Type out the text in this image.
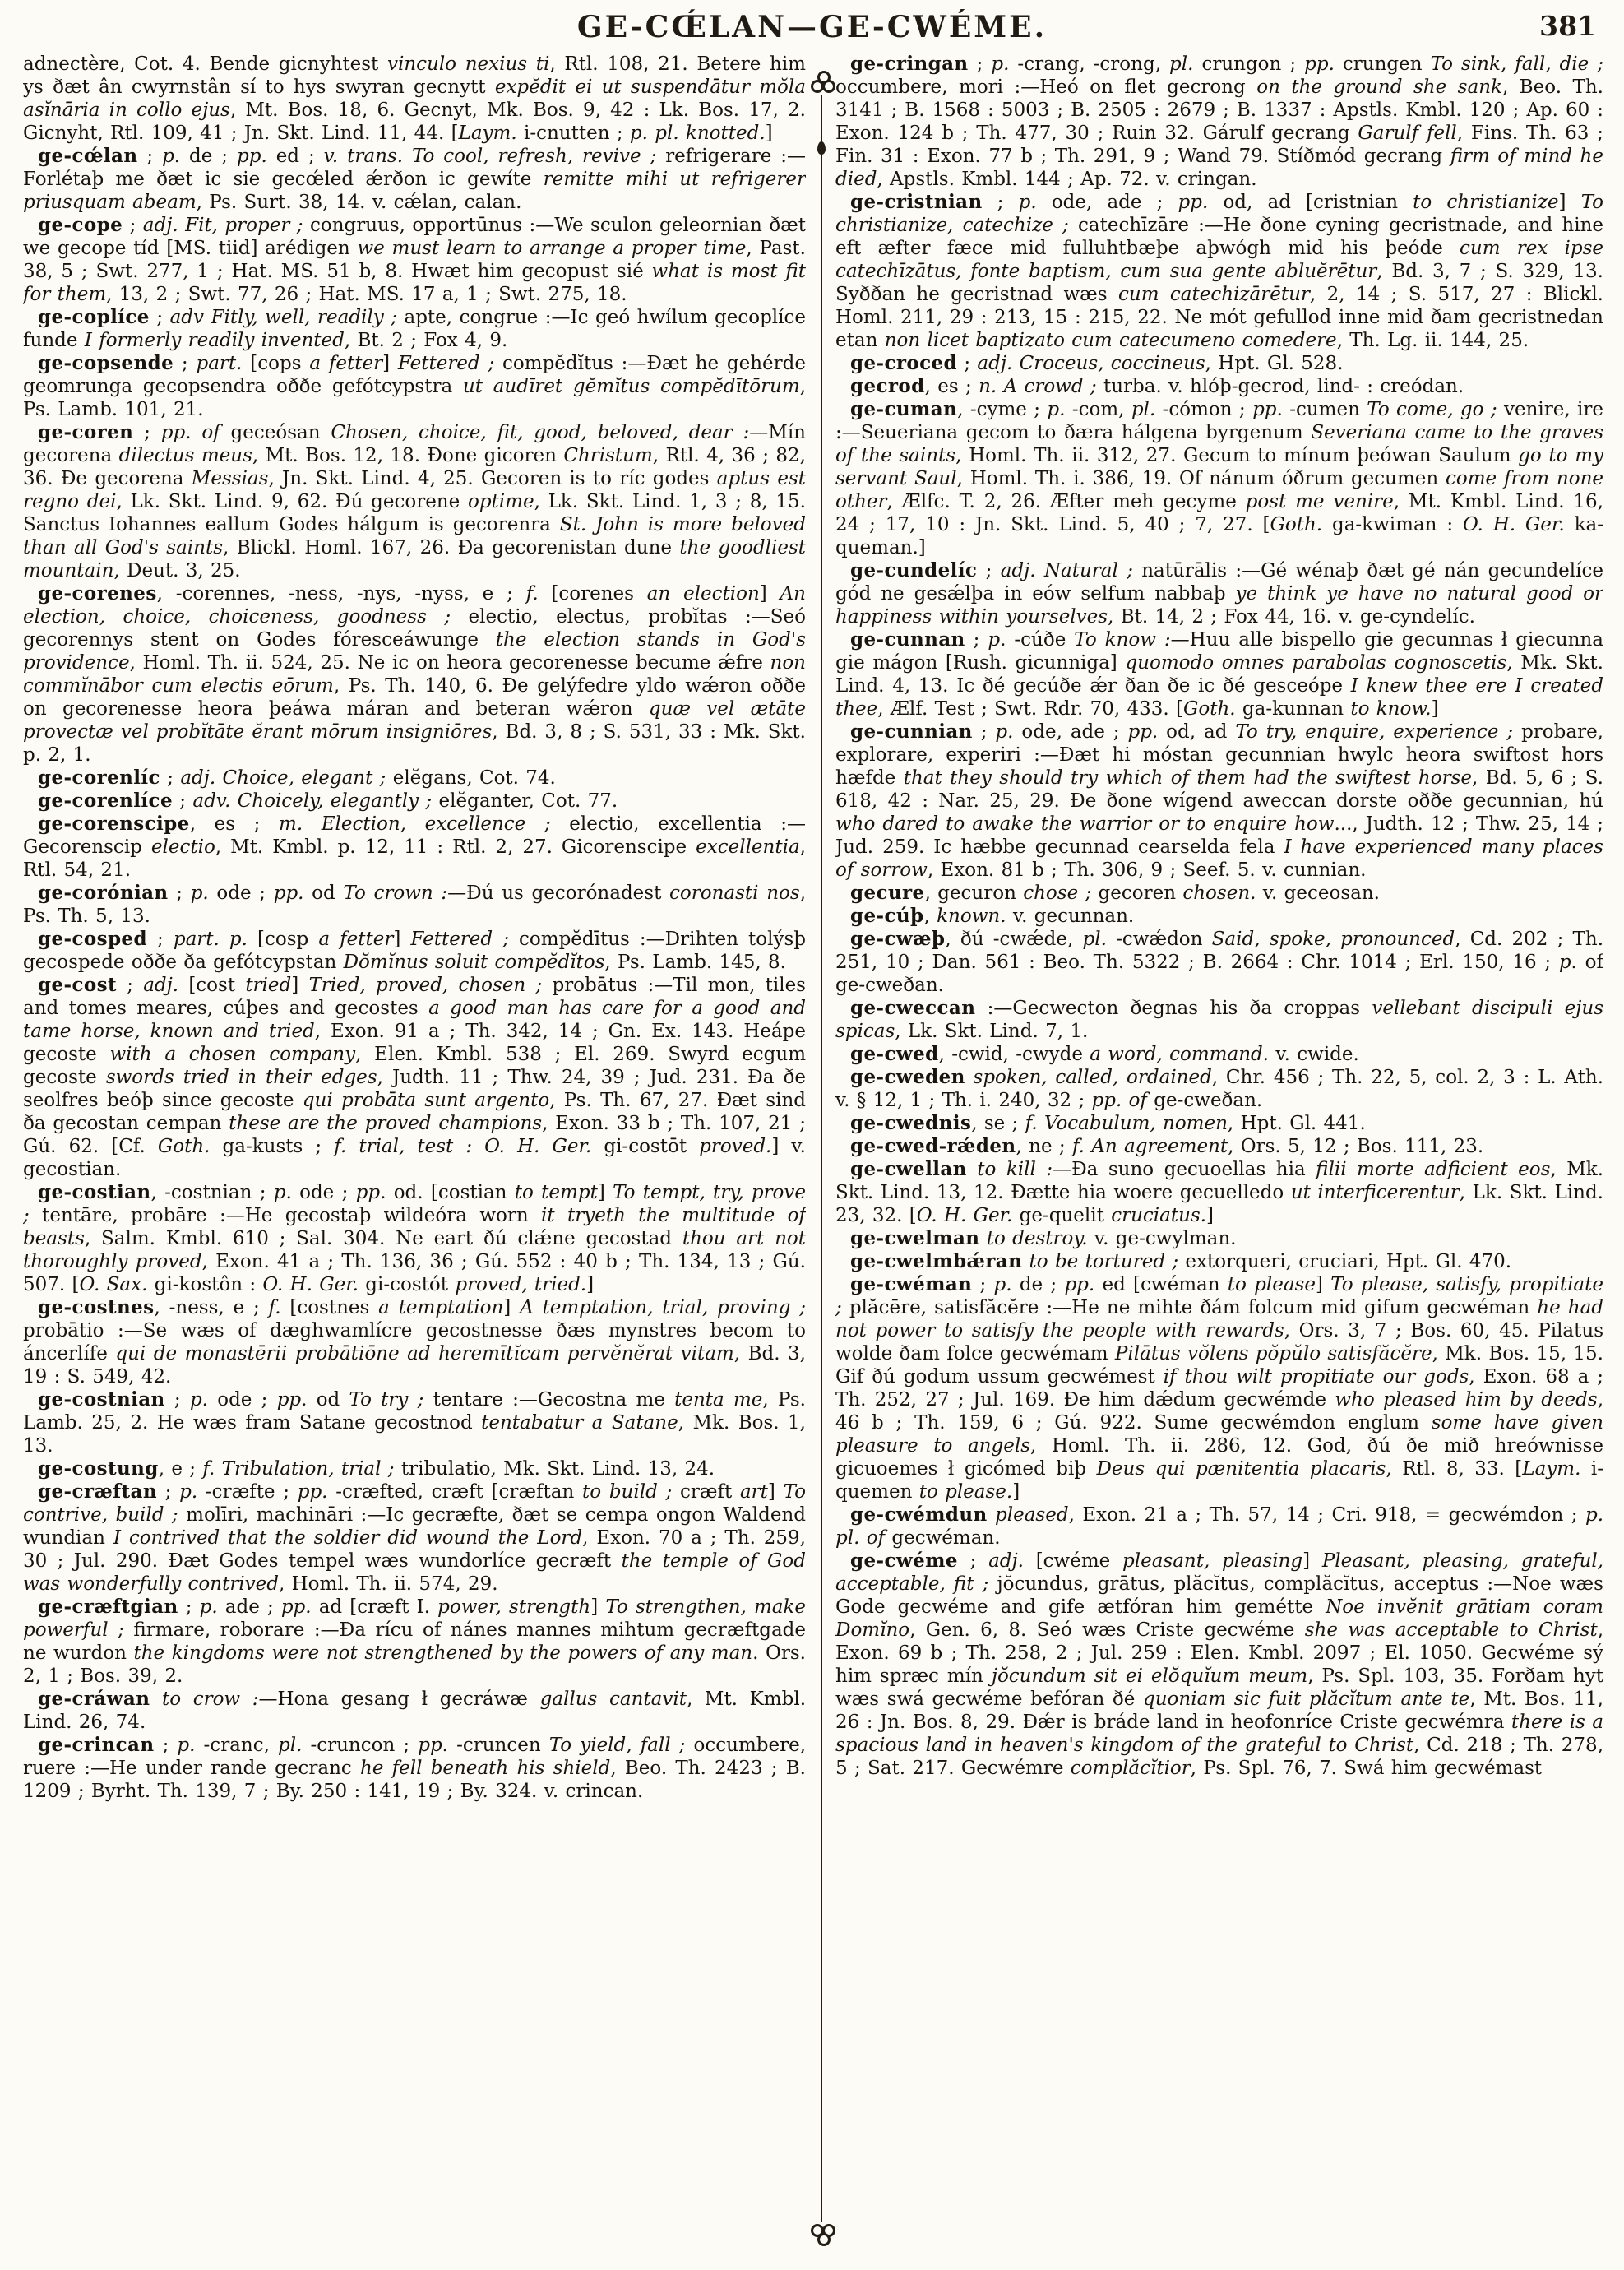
GE-CŒ́LAN—GE-CWÉME.	381

adnectère, Cot. 4. Bende gicnyhtest vinculo nexius ti, Rtl. 108, 21. Betere him ys ðæt ân cwyrnstân sí to hys swyran gecnytt expĕdit ei ut suspendātur mŏla asĭnāria in collo ejus, Mt. Bos. 18, 6. Gecnyt, Mk. Bos. 9, 42 : Lk. Bos. 17, 2. Gicnyht, Rtl. 109, 41 ; Jn. Skt. Lind. 11, 44. [Laym. i-cnutten ; p. pl. knotted.]

ge-cœ́lan ; p. de ; pp. ed ; v. trans. To cool, refresh, revive ; refrigerare :—Forlétaþ me ðæt ic sie gecœ́led ǽrðon ic gewíte remitte mihi ut refrigerer priusquam abeam, Ps. Surt. 38, 14. v. cǽlan, calan.

ge-cope ; adj. Fit, proper ; congruus, opportūnus :—We sculon geleornian ðæt we gecope tíd [MS. tiid] arédigen we must learn to arrange a proper time, Past. 38, 5 ; Swt. 277, 1 ; Hat. MS. 51 b, 8. Hwæt him gecopust sié what is most fit for them, 13, 2 ; Swt. 77, 26 ; Hat. MS. 17 a, 1 ; Swt. 275, 18.

ge-coplíce ; adv Fitly, well, readily ; apte, congrue :—Ic geó hwílum gecoplíce funde I formerly readily invented, Bt. 2 ; Fox 4, 9.

ge-copsende ; part. [cops a fetter] Fettered ; compĕdĭtus :—Ðæt he gehérde geomrunga gecopsendra oððe gefótcypstra ut audīret gĕmĭtus compĕdītōrum, Ps. Lamb. 101, 21.

ge-coren ; pp. of geceósan Chosen, choice, fit, good, beloved, dear :—Mín gecorena dilectus meus, Mt. Bos. 12, 18. Ðone gicoren Christum, Rtl. 4, 36 ; 82, 36. Ðe gecorena Messias, Jn. Skt. Lind. 4, 25. Gecoren is to ríc godes aptus est regno dei, Lk. Skt. Lind. 9, 62. Ðú gecorene optime, Lk. Skt. Lind. 1, 3 ; 8, 15. Sanctus Iohannes eallum Godes hálgum is gecorenra St. John is more beloved than all God's saints, Blickl. Homl. 167, 26. Ða gecorenistan dune the goodliest mountain, Deut. 3, 25.

ge-corenes, -corennes, -ness, -nys, -nyss, e ; f. [corenes an election] An election, choice, choiceness, goodness ; electio, electus, probĭtas :—Seó gecorennys stent on Godes fóresceáwunge the election stands in God's providence, Homl. Th. ii. 524, 25. Ne ic on heora gecorenesse becume ǽfre non commĭnābor cum electis eōrum, Ps. Th. 140, 6. Ðe gelýfedre yldo wǽron oððe on gecorenesse heora þeáwa máran and beteran wǽron quæ vel ætāte provectæ vel probĭtāte ĕrant mōrum insigniōres, Bd. 3, 8 ; S. 531, 33 : Mk. Skt. p. 2, 1.

ge-corenlíc ; adj. Choice, elegant ; elĕgans, Cot. 74.

ge-corenlíce ; adv. Choicely, elegantly ; elĕganter, Cot. 77.

ge-corenscipe, es ; m. Election, excellence ; electio, excellentia :—Gecorenscip electio, Mt. Kmbl. p. 12, 11 : Rtl. 2, 27. Gicorenscipe excellentia, Rtl. 54, 21.

ge-corónian ; p. ode ; pp. od To crown :—Ðú us gecorónadest coronasti nos, Ps. Th. 5, 13.

ge-cosped ; part. p. [cosp a fetter] Fettered ; compĕdītus :—Drihten tolýsþ gecospede oððe ða gefótcypstan Dŏmĭnus soluit compĕdĭtos, Ps. Lamb. 145, 8.

ge-cost ; adj. [cost tried] Tried, proved, chosen ; probātus :—Til mon, tiles and tomes meares, cúþes and gecostes a good man has care for a good and tame horse, known and tried, Exon. 91 a ; Th. 342, 14 ; Gn. Ex. 143. Heápe gecoste with a chosen company, Elen. Kmbl. 538 ; El. 269. Swyrd ecgum gecoste swords tried in their edges, Judth. 11 ; Thw. 24, 39 ; Jud. 231. Ða ðe seolfres beóþ since gecoste qui probāta sunt argento, Ps. Th. 67, 27. Ðæt sind ða gecostan cempan these are the proved champions, Exon. 33 b ; Th. 107, 21 ; Gú. 62. [Cf. Goth. ga-kusts ; f. trial, test : O. H. Ger. gi-costōt proved.] v. gecostian.

ge-costian, -costnian ; p. ode ; pp. od. [costian to tempt] To tempt, try, prove ; tentāre, probāre :—He gecostaþ wildeóra worn it tryeth the multitude of beasts, Salm. Kmbl. 610 ; Sal. 304. Ne eart ðú clǽne gecostad thou art not thoroughly proved, Exon. 41 a ; Th. 136, 36 ; Gú. 552 : 40 b ; Th. 134, 13 ; Gú. 507. [O. Sax. gi-kostôn : O. H. Ger. gi-costót proved, tried.]

ge-costnes, -ness, e ; f. [costnes a temptation] A temptation, trial, proving ; probātio :—Se wæs of dæghwamlícre gecostnesse ðæs mynstres becom to áncerlífe qui de monastērii probātiōne ad heremītĭcam pervĕnĕrat vitam, Bd. 3, 19 : S. 549, 42.

ge-costnian ; p. ode ; pp. od To try ; tentare :—Gecostna me tenta me, Ps. Lamb. 25, 2. He wæs fram Satane gecostnod tentabatur a Satane, Mk. Bos. 1, 13.

ge-costung, e ; f. Tribulation, trial ; tribulatio, Mk. Skt. Lind. 13, 24.

ge-cræftan ; p. -cræfte ; pp. -cræfted, cræft [cræftan to build ; cræft art] To contrive, build ; molīri, machināri :—Ic gecræfte, ðæt se cempa ongon Waldend wundian I contrived that the soldier did wound the Lord, Exon. 70 a ; Th. 259, 30 ; Jul. 290. Ðæt Godes tempel wæs wundorlíce gecræft the temple of God was wonderfully contrived, Homl. Th. ii. 574, 29.

ge-cræftgian ; p. ade ; pp. ad [cræft I. power, strength] To strengthen, make powerful ; firmare, roborare :—Ða rícu of nánes mannes mihtum gecræftgade ne wurdon the kingdoms were not strengthened by the powers of any man. Ors. 2, 1 ; Bos. 39, 2.

ge-cráwan to crow :—Hona gesang ł gecráwæ gallus cantavit, Mt. Kmbl. Lind. 26, 74.

ge-crincan ; p. -cranc, pl. -cruncon ; pp. -cruncen To yield, fall ; occumbere, ruere :—He under rande gecranc he fell beneath his shield, Beo. Th. 2423 ; B. 1209 ; Byrht. Th. 139, 7 ; By. 250 : 141, 19 ; By. 324. v. crincan.

ge-cringan ; p. -crang, -crong, pl. crungon ; pp. crungen To sink, fall, die ; occumbere, mori :—Heó on flet gecrong on the ground she sank, Beo. Th. 3141 ; B. 1568 : 5003 ; B. 2505 : 2679 ; B. 1337 : Apstls. Kmbl. 120 ; Ap. 60 : Exon. 124 b ; Th. 477, 30 ; Ruin 32. Gárulf gecrang Garulf fell, Fins. Th. 63 ; Fin. 31 : Exon. 77 b ; Th. 291, 9 ; Wand 79. Stíðmód gecrang firm of mind he died, Apstls. Kmbl. 144 ; Ap. 72. v. cringan.

ge-cristnian ; p. ode, ade ; pp. od, ad [cristnian to christianize] To christianize, catechize ; catechīzāre :—He ðone cyning gecristnade, and hine eft æfter fæce mid fulluhtbæþe aþwógh mid his þeóde cum rex ipse catechīzātus, fonte baptism, cum sua gente abluĕrētur, Bd. 3, 7 ; S. 329, 13. Syððan he gecristnad wæs cum catechizārētur, 2, 14 ; S. 517, 27 : Blickl. Homl. 211, 29 : 213, 15 : 215, 22. Ne mót gefullod inne mid ðam gecristnedan etan non licet baptizato cum catecumeno comedere, Th. Lg. ii. 144, 25.

ge-croced ; adj. Croceus, coccineus, Hpt. Gl. 528.

gecrod, es ; n. A crowd ; turba. v. hlóþ-gecrod, lind- : creódan.

ge-cuman, -cyme ; p. -com, pl. -cómon ; pp. -cumen To come, go ; venire, ire :—Seueriana gecom to ðæra hálgena byrgenum Severiana came to the graves of the saints, Homl. Th. ii. 312, 27. Gecum to mínum þeówan Saulum go to my servant Saul, Homl. Th. i. 386, 19. Of nánum óðrum gecumen come from none other, Ælfc. T. 2, 26. Æfter meh gecyme post me venire, Mt. Kmbl. Lind. 16, 24 ; 17, 10 : Jn. Skt. Lind. 5, 40 ; 7, 27. [Goth. ga-kwiman : O. H. Ger. ka-queman.]

ge-cundelíc ; adj. Natural ; natūrālis :—Gé wénaþ ðæt gé nán gecundelíce gód ne gesǽlþa in eów selfum nabbaþ ye think ye have no natural good or happiness within yourselves, Bt. 14, 2 ; Fox 44, 16. v. ge-cyndelíc.

ge-cunnan ; p. -cúðe To know :—Huu alle bispello gie gecunnas ł giecunna gie mágon [Rush. gicunniga] quomodo omnes parabolas cognoscetis, Mk. Skt. Lind. 4, 13. Ic ðé gecúðe ǽr ðan ðe ic ðé gesceópe I knew thee ere I created thee, Ælf. Test ; Swt. Rdr. 70, 433. [Goth. ga-kunnan to know.]

ge-cunnian ; p. ode, ade ; pp. od, ad To try, enquire, experience ; probare, explorare, experiri :—Ðæt hi móstan gecunnian hwylc heora swiftost hors hæfde that they should try which of them had the swiftest horse, Bd. 5, 6 ; S. 618, 42 : Nar. 25, 29. Ðe ðone wígend aweccan dorste oððe gecunnian, hú who dared to awake the warrior or to enquire how..., Judth. 12 ; Thw. 25, 14 ; Jud. 259. Ic hæbbe gecunnad cearselda fela I have experienced many places of sorrow, Exon. 81 b ; Th. 306, 9 ; Seef. 5. v. cunnian.

gecure, gecuron chose ; gecoren chosen. v. geceosan.

ge-cúþ, known. v. gecunnan.

ge-cwæþ, ðú -cwǽde, pl. -cwǽdon Said, spoke, pronounced, Cd. 202 ; Th. 251, 10 ; Dan. 561 : Beo. Th. 5322 ; B. 2664 : Chr. 1014 ; Erl. 150, 16 ; p. of ge-cweðan.

ge-cweccan :—Gecwecton ðegnas his ða croppas vellebant discipuli ejus spicas, Lk. Skt. Lind. 7, 1.

ge-cwed, -cwid, -cwyde a word, command. v. cwide.

ge-cweden spoken, called, ordained, Chr. 456 ; Th. 22, 5, col. 2, 3 : L. Ath. v. § 12, 1 ; Th. i. 240, 32 ; pp. of ge-cweðan.

ge-cwednis, se ; f. Vocabulum, nomen, Hpt. Gl. 441.

ge-cwed-rǽden, ne ; f. An agreement, Ors. 5, 12 ; Bos. 111, 23.

ge-cwellan to kill :—Ða suno gecuoellas hia filii morte adficient eos, Mk. Skt. Lind. 13, 12. Ðætte hia woere gecuelledo ut interficerentur, Lk. Skt. Lind. 23, 32. [O. H. Ger. ge-quelit cruciatus.]

ge-cwelman to destroy. v. ge-cwylman.

ge-cwelmbǽran to be tortured ; extorqueri, cruciari, Hpt. Gl. 470.

ge-cwéman ; p. de ; pp. ed [cwéman to please] To please, satisfy, propitiate ; plăcēre, satisfăcĕre :—He ne mihte ðám folcum mid gifum gecwéman he had not power to satisfy the people with rewards, Ors. 3, 7 ; Bos. 60, 45. Pilatus wolde ðam folce gecwémam Pilātus vŏlens pŏpŭlo satisfăcĕre, Mk. Bos. 15, 15. Gif ðú godum ussum gecwémest if thou wilt propitiate our gods, Exon. 68 a ; Th. 252, 27 ; Jul. 169. Ðe him dǽdum gecwémde who pleased him by deeds, 46 b ; Th. 159, 6 ; Gú. 922. Sume gecwémdon englum some have given pleasure to angels, Homl. Th. ii. 286, 12. God, ðú ðe mið hreównisse gicuoemes ł gicómed biþ Deus qui pænitentia placaris, Rtl. 8, 33. [Laym. i-quemen to please.]

ge-cwémdun pleased, Exon. 21 a ; Th. 57, 14 ; Cri. 918, = gecwémdon ; p. pl. of gecwéman.

ge-cwéme ; adj. [cwéme pleasant, pleasing] Pleasant, pleasing, grateful, acceptable, fit ; jŏcundus, grātus, plăcĭtus, complăcĭtus, acceptus :—Noe wæs Gode gecwéme and gife ætfóran him gemétte Noe invĕnit grātiam coram Domĭno, Gen. 6, 8. Seó wæs Criste gecwéme she was acceptable to Christ, Exon. 69 b ; Th. 258, 2 ; Jul. 259 : Elen. Kmbl. 2097 ; El. 1050. Gecwéme sý him spræc mín jŏcundum sit ei elŏquĭum meum, Ps. Spl. 103, 35. Forðam hyt wæs swá gecwéme befóran ðé quoniam sic fuit plăcĭtum ante te, Mt. Bos. 11, 26 : Jn. Bos. 8, 29. Ðǽr is bráde land in heofonríce Criste gecwémra there is a spacious land in heaven's kingdom of the grateful to Christ, Cd. 218 ; Th. 278, 5 ; Sat. 217. Gecwémre complăcĭtior, Ps. Spl. 76, 7. Swá him gecwémast
